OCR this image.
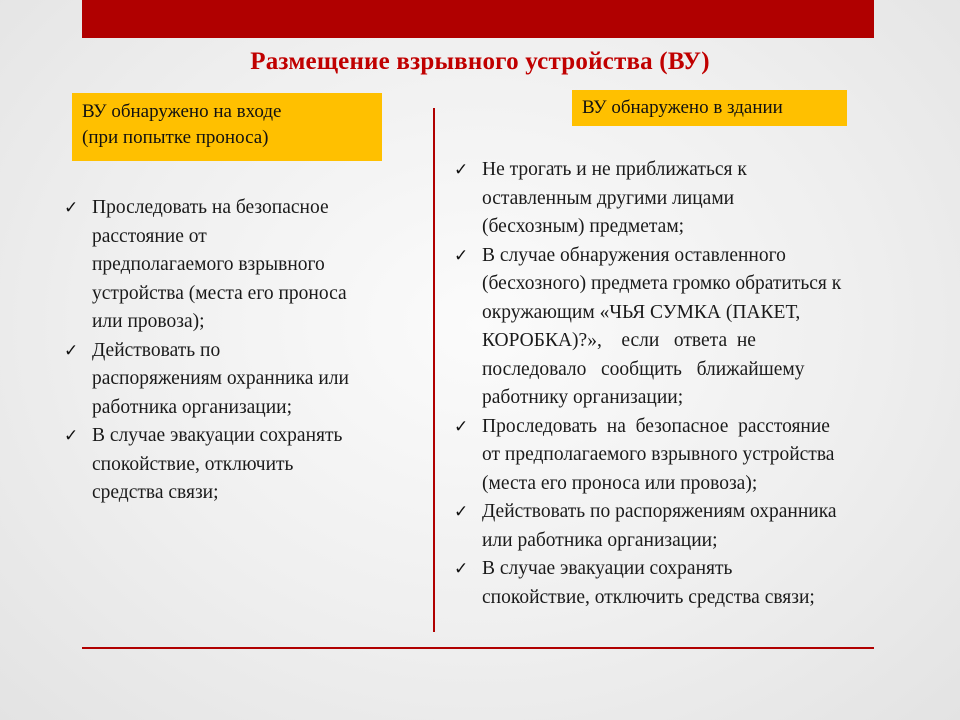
Размещение взрывного устройства (ВУ)
ВУ обнаружено на входе
(при попытке проноса)
ВУ обнаружено в здании
✓ Проследовать на безопасное
расстояние от
предполагаемого взрывного
устройства (места его проноса
или провоза);
✓ Действовать по
распоряжениям охранника или
работника организации;
✓ В случае эвакуации сохранять
спокойствие, отключить
средства связи;
✓ Не трогать и не приближаться к
оставленным другими лицами
(бесхозным) предметам;
✓ В случае обнаружения оставленного
(бесхозного) предмета громко обратиться к
окружающим «ЧЬЯ СУМКА (ПАКЕТ,
КОРОБКА)?»,    если   ответа  не
последовало   сообщить   ближайшему
работнику организации;
✓ Проследовать  на  безопасное  расстояние
от предполагаемого взрывного устройства
(места его проноса или провоза);
✓ Действовать по распоряжениям охранника
или работника организации;
✓ В случае эвакуации сохранять
спокойствие, отключить средства связи;
